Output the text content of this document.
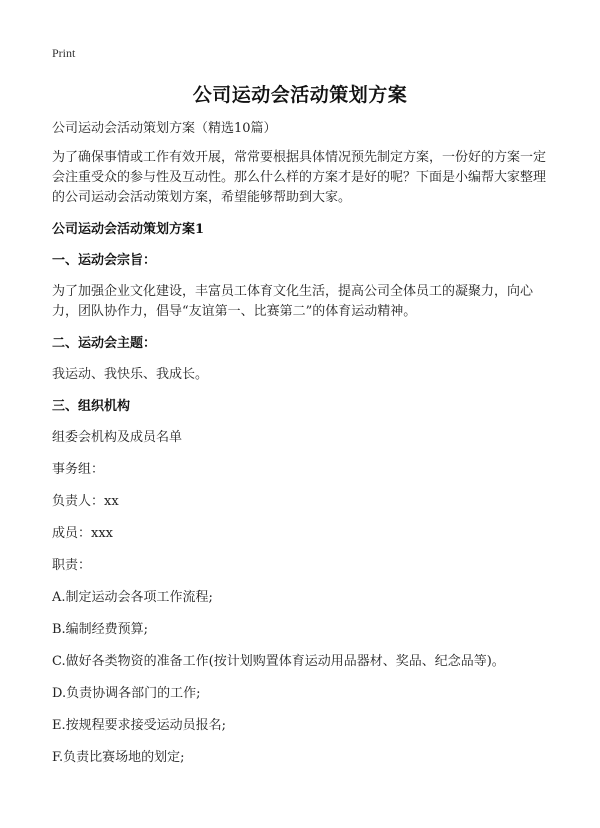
Print
公司运动会活动策划方案

公司运动会活动策划方案（精选10篇）

为了确保事情或工作有效开展，常常要根据具体情况预先制定方案，一份好的方案一定会注重受众的参与性及互动性。那么什么样的方案才是好的呢？下面是小编帮大家整理的公司运动会活动策划方案，希望能够帮助到大家。

公司运动会活动策划方案1

一、运动会宗旨：

为了加强企业文化建设，丰富员工体育文化生活，提高公司全体员工的凝聚力，向心力，团队协作力，倡导“友谊第一、比赛第二”的体育运动精神。

二、运动会主题：

我运动、我快乐、我成长。

三、组织机构

组委会机构及成员名单

事务组：

负责人：xx

成员：xxx

职责：

A.制定运动会各项工作流程;

B.编制经费预算;

C.做好各类物资的准备工作(按计划购置体育运动用品器材、奖品、纪念品等)。

D.负责协调各部门的工作;

E.按规程要求接受运动员报名;

F.负责比赛场地的划定;
